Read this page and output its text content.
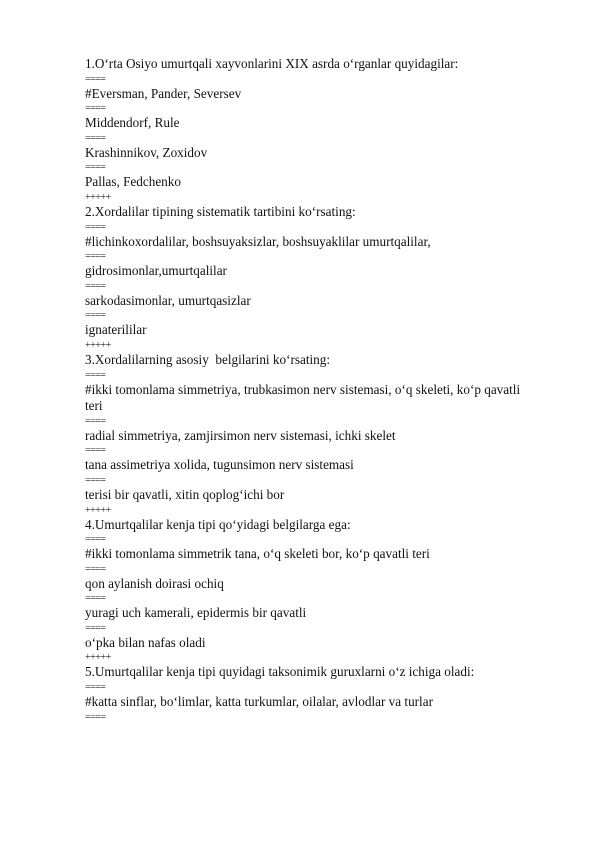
1.O‘rta Osiyo umurtqali xayvonlarini XIX asrda o‘rganlar quyidagilar:
====
#Eversman, Pander, Seversev
====
Middendorf, Rule
====
Krashinnikov, Zoxidov
====
Pallas, Fedchenko
+++++
2.Xordalilar tipining sistematik tartibini ko‘rsating:
====
#lichinkoxordalilar, boshsuyaksizlar, boshsuyaklilar umurtqalilar,
====
gidrosimonlar,umurtqalilar
====
sarkodasimonlar, umurtqasizlar
====
ignaterililar
+++++
3.Xordalilarning asosiy  belgilarini ko‘rsating:
====
#ikki tomonlama simmetriya, trubkasimon nerv sistemasi, o‘q skeleti, ko‘p qavatli teri
====
radial simmetriya, zamjirsimon nerv sistemasi, ichki skelet
====
tana assimetriya xolida, tugunsimon nerv sistemasi
====
terisi bir qavatli, xitin qoplog‘ichi bor
+++++
4.Umurtqalilar kenja tipi qo‘yidagi belgilarga ega:
====
#ikki tomonlama simmetrik tana, o‘q skeleti bor, ko‘p qavatli teri
====
qon aylanish doirasi ochiq
====
yuragi uch kamerali, epidermis bir qavatli
====
o‘pka bilan nafas oladi
+++++
5.Umurtqalilar kenja tipi quyidagi taksonimik guruxlarni o‘z ichiga oladi:
====
#katta sinflar, bo‘limlar, katta turkumlar, oilalar, avlodlar va turlar
====
